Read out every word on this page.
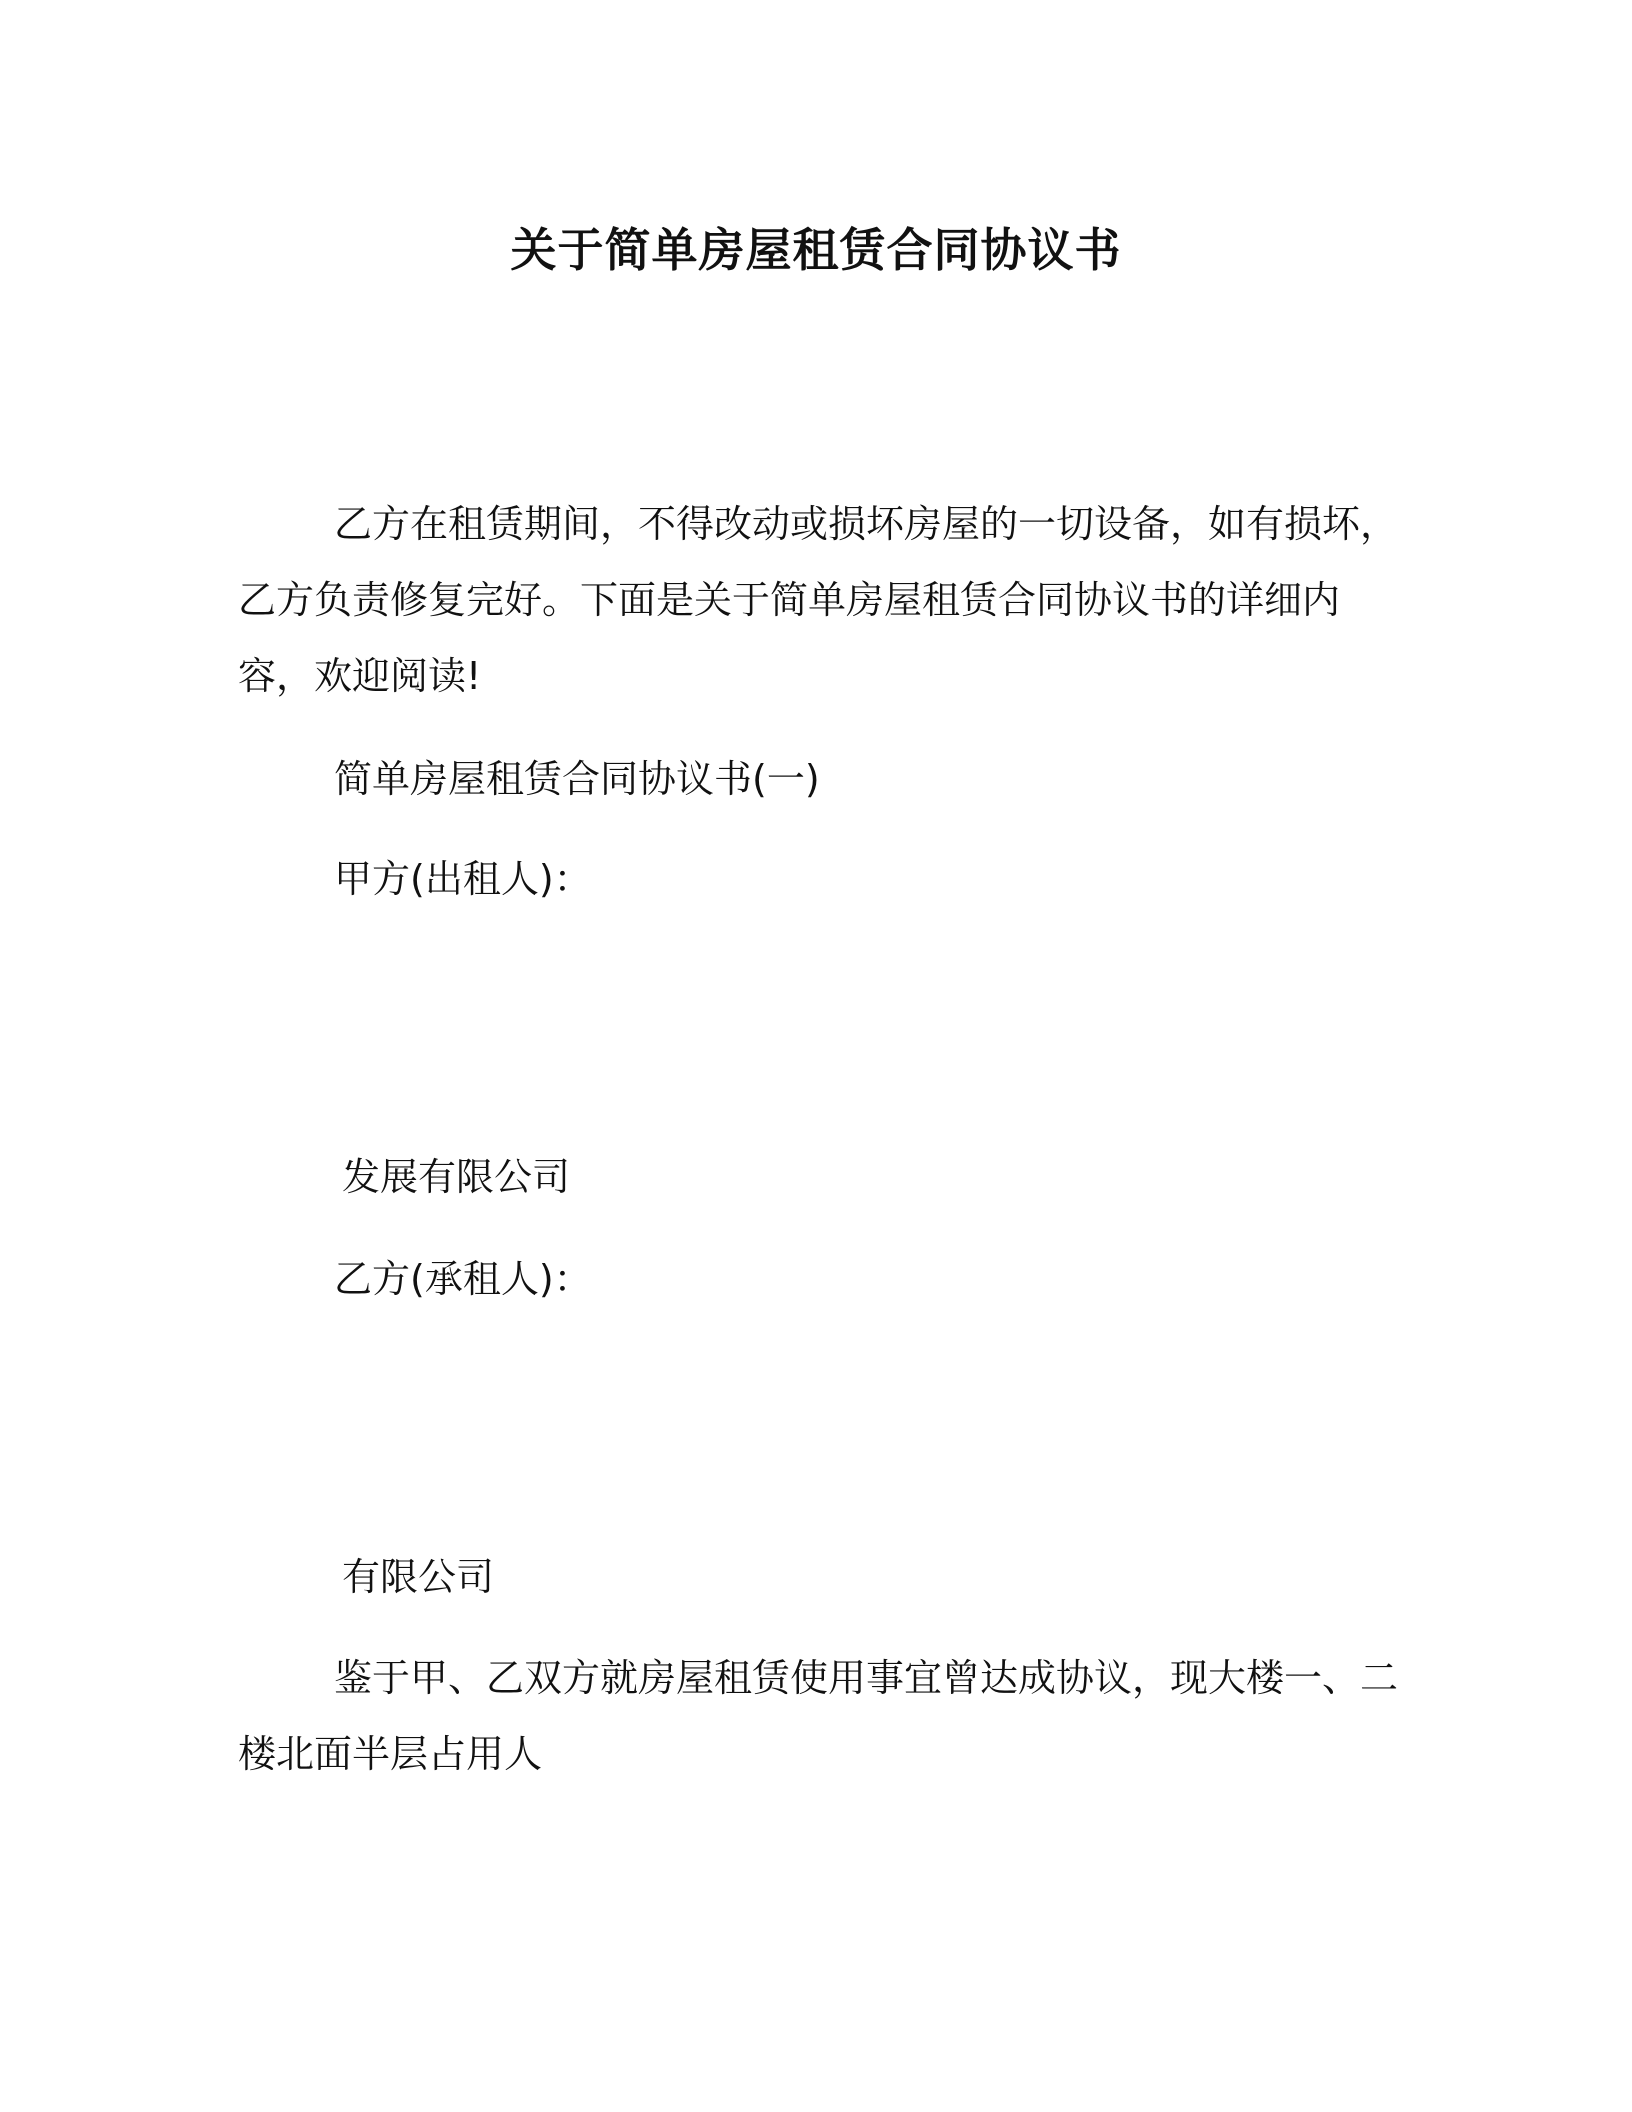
关于简单房屋租赁合同协议书
乙方在租赁期间，不得改动或损坏房屋的一切设备，如有损坏，乙方负责修复完好。下面是关于简单房屋租赁合同协议书的详细内容，欢迎阅读!
简单房屋租赁合同协议书(一)
甲方(出租人)：
发展有限公司
乙方(承租人)：
有限公司
鉴于甲、乙双方就房屋租赁使用事宜曾达成协议，现大楼一、二楼北面半层占用人
